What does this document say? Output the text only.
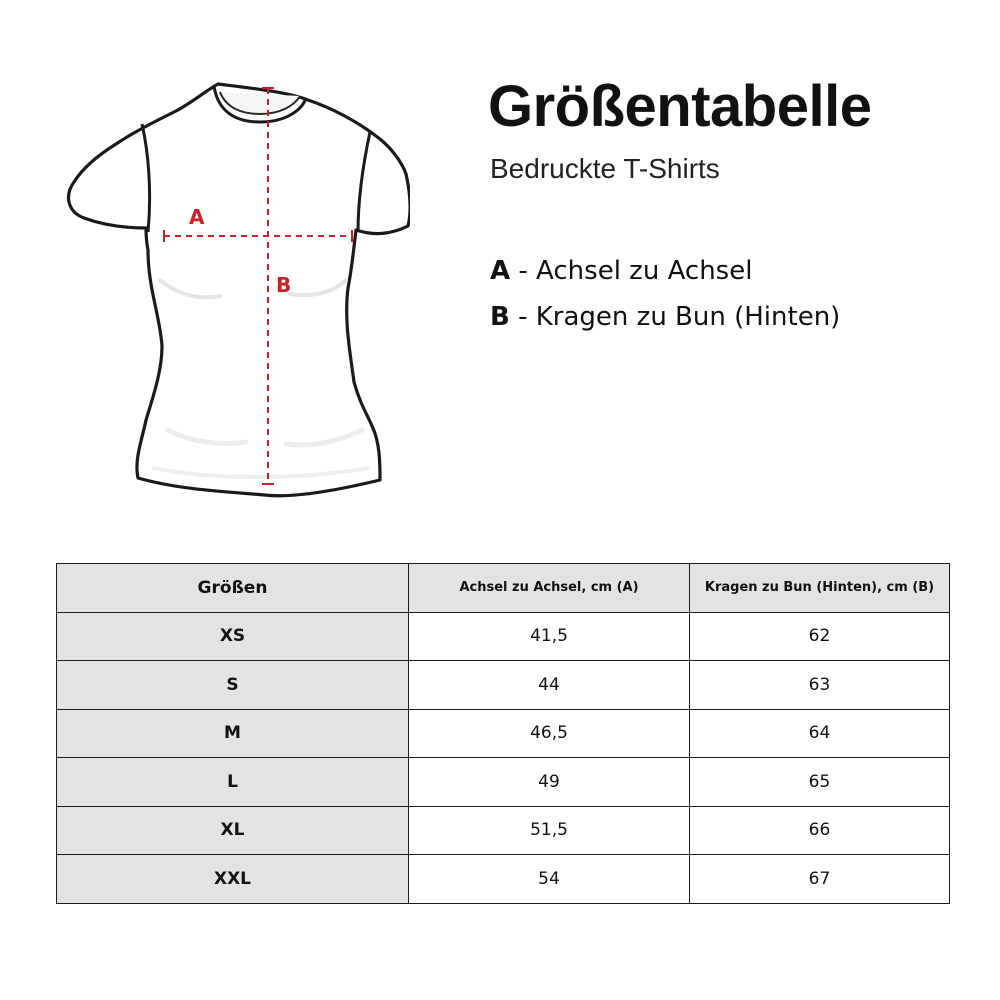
A
B
Größentabelle

Bedruckte T-Shirts

A - Achsel zu Achsel
B - Kragen zu Bun (Hinten)
Größen	Achsel zu Achsel, cm (A)	Kragen zu Bun (Hinten), cm (B)
XS	41,5	62
S	44	63
M	46,5	64
L	49	65
XL	51,5	66
XXL	54	67
